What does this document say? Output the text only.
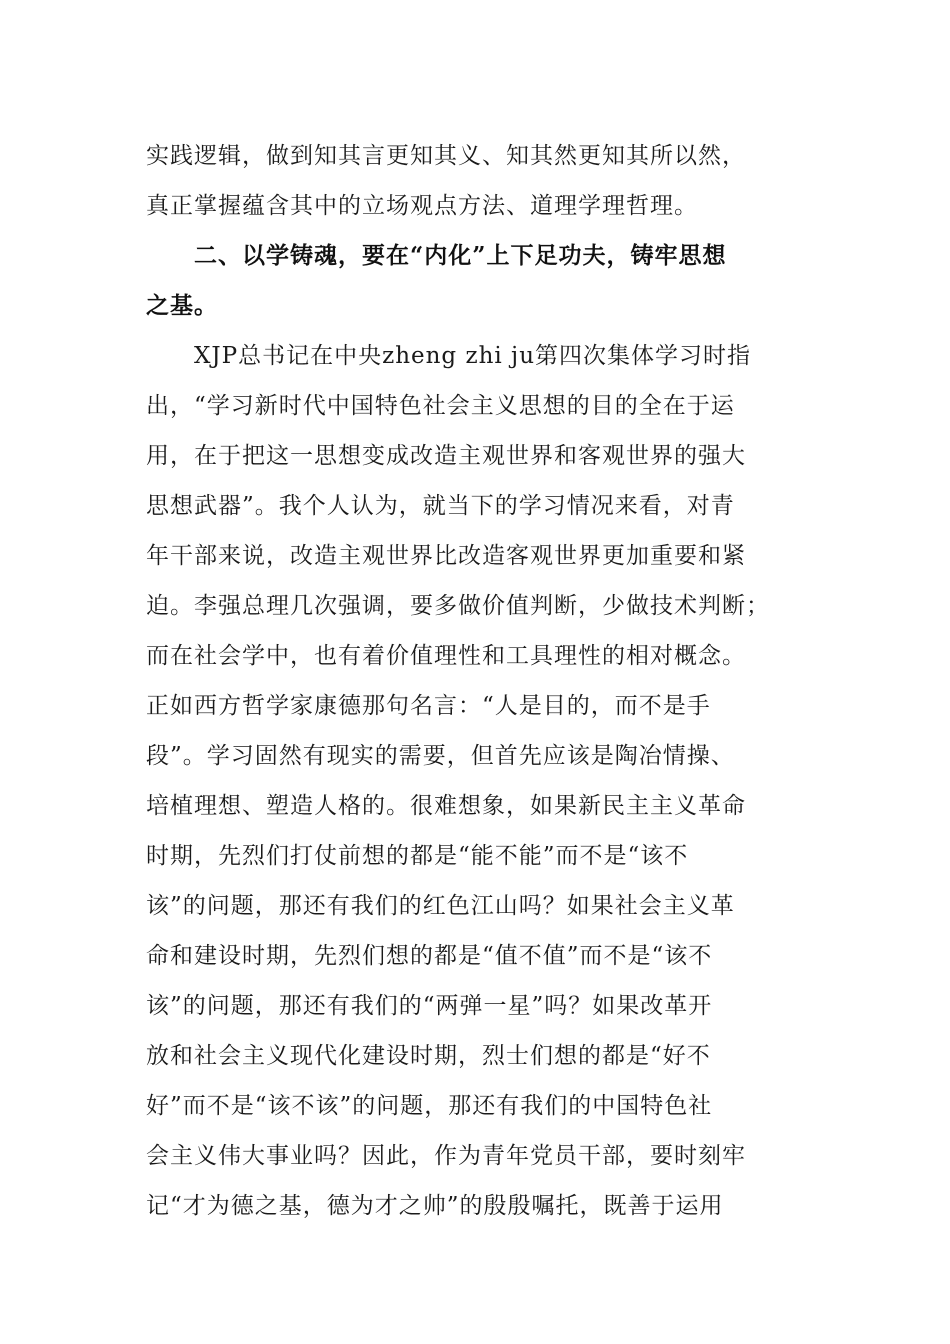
实践逻辑，做到知其言更知其义、知其然更知其所以然，
真正掌握蕴含其中的立场观点方法、道理学理哲理。
二、以学铸魂，要在“内化”上下足功夫，铸牢思想
之基。
XJP总书记在中央zheng zhi ju第四次集体学习时指
出，“学习新时代中国特色社会主义思想的目的全在于运
用，在于把这一思想变成改造主观世界和客观世界的强大
思想武器”。我个人认为，就当下的学习情况来看，对青
年干部来说，改造主观世界比改造客观世界更加重要和紧
迫。李强总理几次强调，要多做价值判断，少做技术判断；
而在社会学中，也有着价值理性和工具理性的相对概念。
正如西方哲学家康德那句名言：“人是目的，而不是手
段”。学习固然有现实的需要，但首先应该是陶冶情操、
培植理想、塑造人格的。很难想象，如果新民主主义革命
时期，先烈们打仗前想的都是“能不能”而不是“该不
该”的问题，那还有我们的红色江山吗？如果社会主义革
命和建设时期，先烈们想的都是“值不值”而不是“该不
该”的问题，那还有我们的“两弹一星”吗？如果改革开
放和社会主义现代化建设时期，烈士们想的都是“好不
好”而不是“该不该”的问题，那还有我们的中国特色社
会主义伟大事业吗？因此，作为青年党员干部，要时刻牢
记“才为德之基，德为才之帅”的殷殷嘱托，既善于运用
